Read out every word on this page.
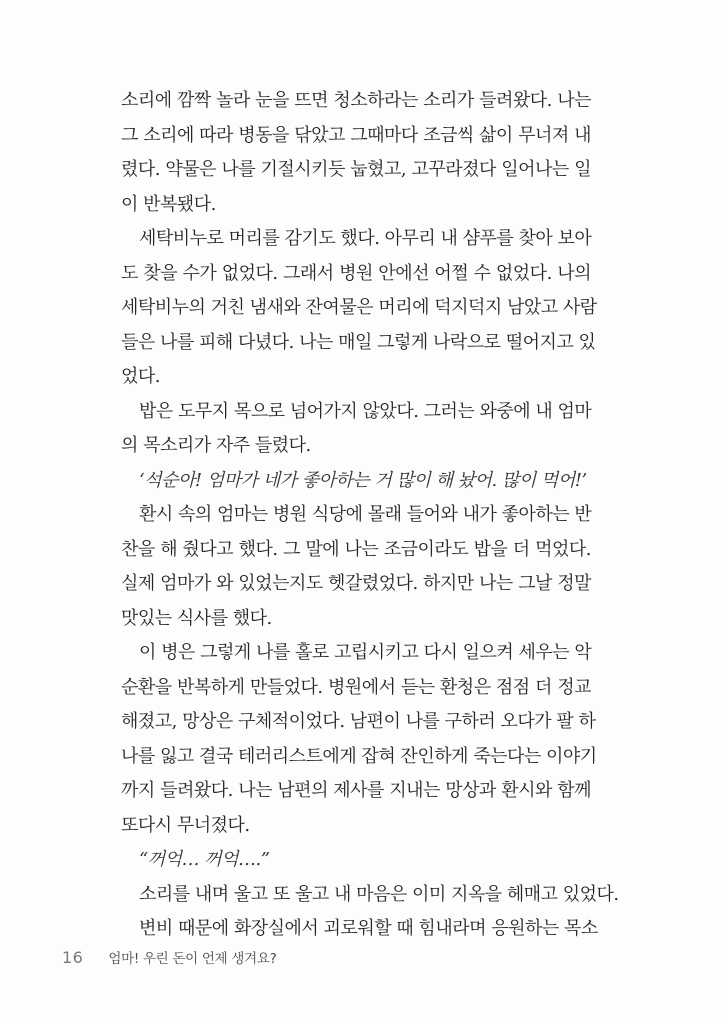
소리에 깜짝 놀라 눈을 뜨면 청소하라는 소리가 들려왔다. 나는
그 소리에 따라 병동을 닦았고 그때마다 조금씩 삶이 무너져 내
렸다. 약물은 나를 기절시키듯 눕혔고, 고꾸라졌다 일어나는 일
이 반복됐다.
세탁비누로 머리를 감기도 했다. 아무리 내 샴푸를 찾아 보아
도 찾을 수가 없었다. 그래서 병원 안에선 어쩔 수 없었다. 나의
세탁비누의 거친 냄새와 잔여물은 머리에 덕지덕지 남았고 사람
들은 나를 피해 다녔다. 나는 매일 그렇게 나락으로 떨어지고 있
었다.
밥은 도무지 목으로 넘어가지 않았다. 그러는 와중에 내 엄마
의 목소리가 자주 들렸다.
‘석순아! 엄마가 네가 좋아하는 거 많이 해 놨어. 많이 먹어!’
환시 속의 엄마는 병원 식당에 몰래 들어와 내가 좋아하는 반
찬을 해 줬다고 했다. 그 말에 나는 조금이라도 밥을 더 먹었다.
실제 엄마가 와 있었는지도 헷갈렸었다. 하지만 나는 그날 정말
맛있는 식사를 했다.
이 병은 그렇게 나를 홀로 고립시키고 다시 일으켜 세우는 악
순환을 반복하게 만들었다. 병원에서 듣는 환청은 점점 더 정교
해졌고, 망상은 구체적이었다. 남편이 나를 구하러 오다가 팔 하
나를 잃고 결국 테러리스트에게 잡혀 잔인하게 죽는다는 이야기
까지 들려왔다. 나는 남편의 제사를 지내는 망상과 환시와 함께
또다시 무너졌다.
“꺼억… 꺼억….”
소리를 내며 울고 또 울고 내 마음은 이미 지옥을 헤매고 있었다.
변비 때문에 화장실에서 괴로워할 때 힘내라며 응원하는 목소
16 엄마! 우린 돈이 언제 생겨요?
